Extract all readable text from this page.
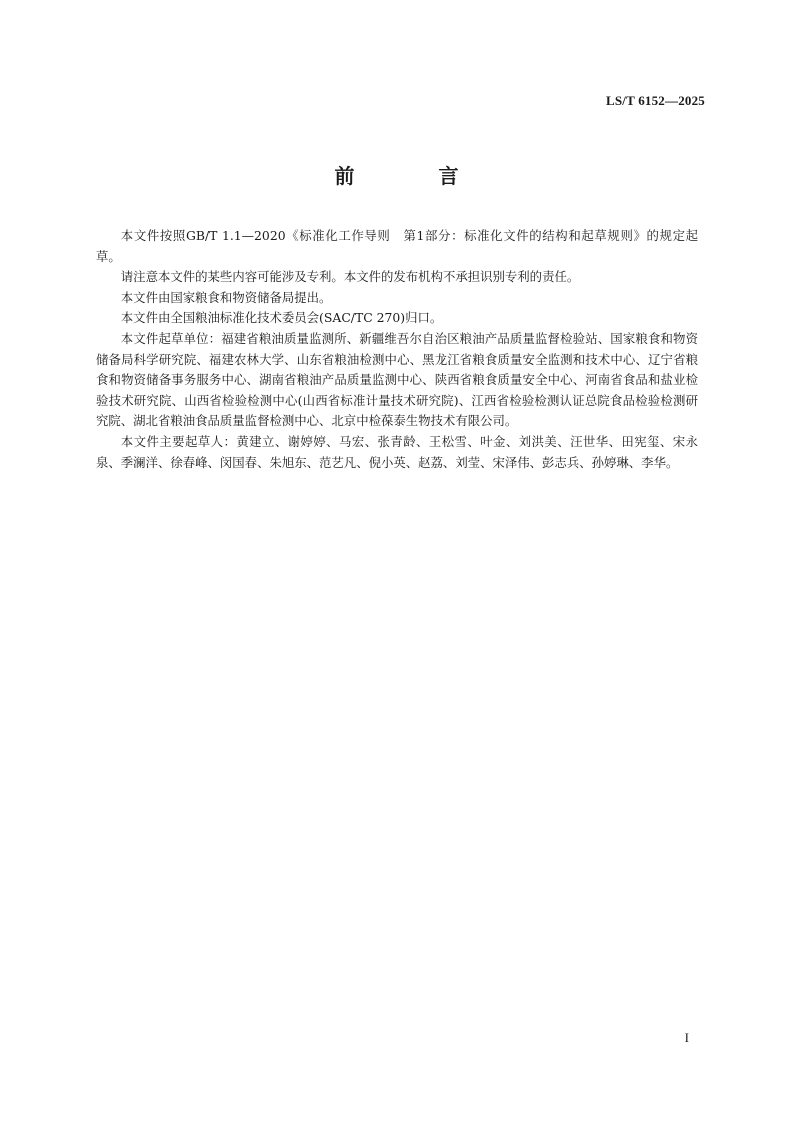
LS/T 6152—2025
前　言

本文件按照GB/T 1.1—2020《标准化工作导则　第1部分：标准化文件的结构和起草规则》的规定起草。

请注意本文件的某些内容可能涉及专利。本文件的发布机构不承担识别专利的责任。

本文件由国家粮食和物资储备局提出。

本文件由全国粮油标准化技术委员会(SAC/TC 270)归口。

本文件起草单位：福建省粮油质量监测所、新疆维吾尔自治区粮油产品质量监督检验站、国家粮食和物资储备局科学研究院、福建农林大学、山东省粮油检测中心、黑龙江省粮食质量安全监测和技术中心、辽宁省粮食和物资储备事务服务中心、湖南省粮油产品质量监测中心、陕西省粮食质量安全中心、河南省食品和盐业检验技术研究院、山西省检验检测中心(山西省标准计量技术研究院)、江西省检验检测认证总院食品检验检测研究院、湖北省粮油食品质量监督检测中心、北京中检葆泰生物技术有限公司。

本文件主要起草人：黄建立、谢婷婷、马宏、张青龄、王松雪、叶金、刘洪美、汪世华、田宪玺、宋永泉、季澜洋、徐春峰、闵国春、朱旭东、范艺凡、倪小英、赵荔、刘莹、宋泽伟、彭志兵、孙婷琳、李华。

I
